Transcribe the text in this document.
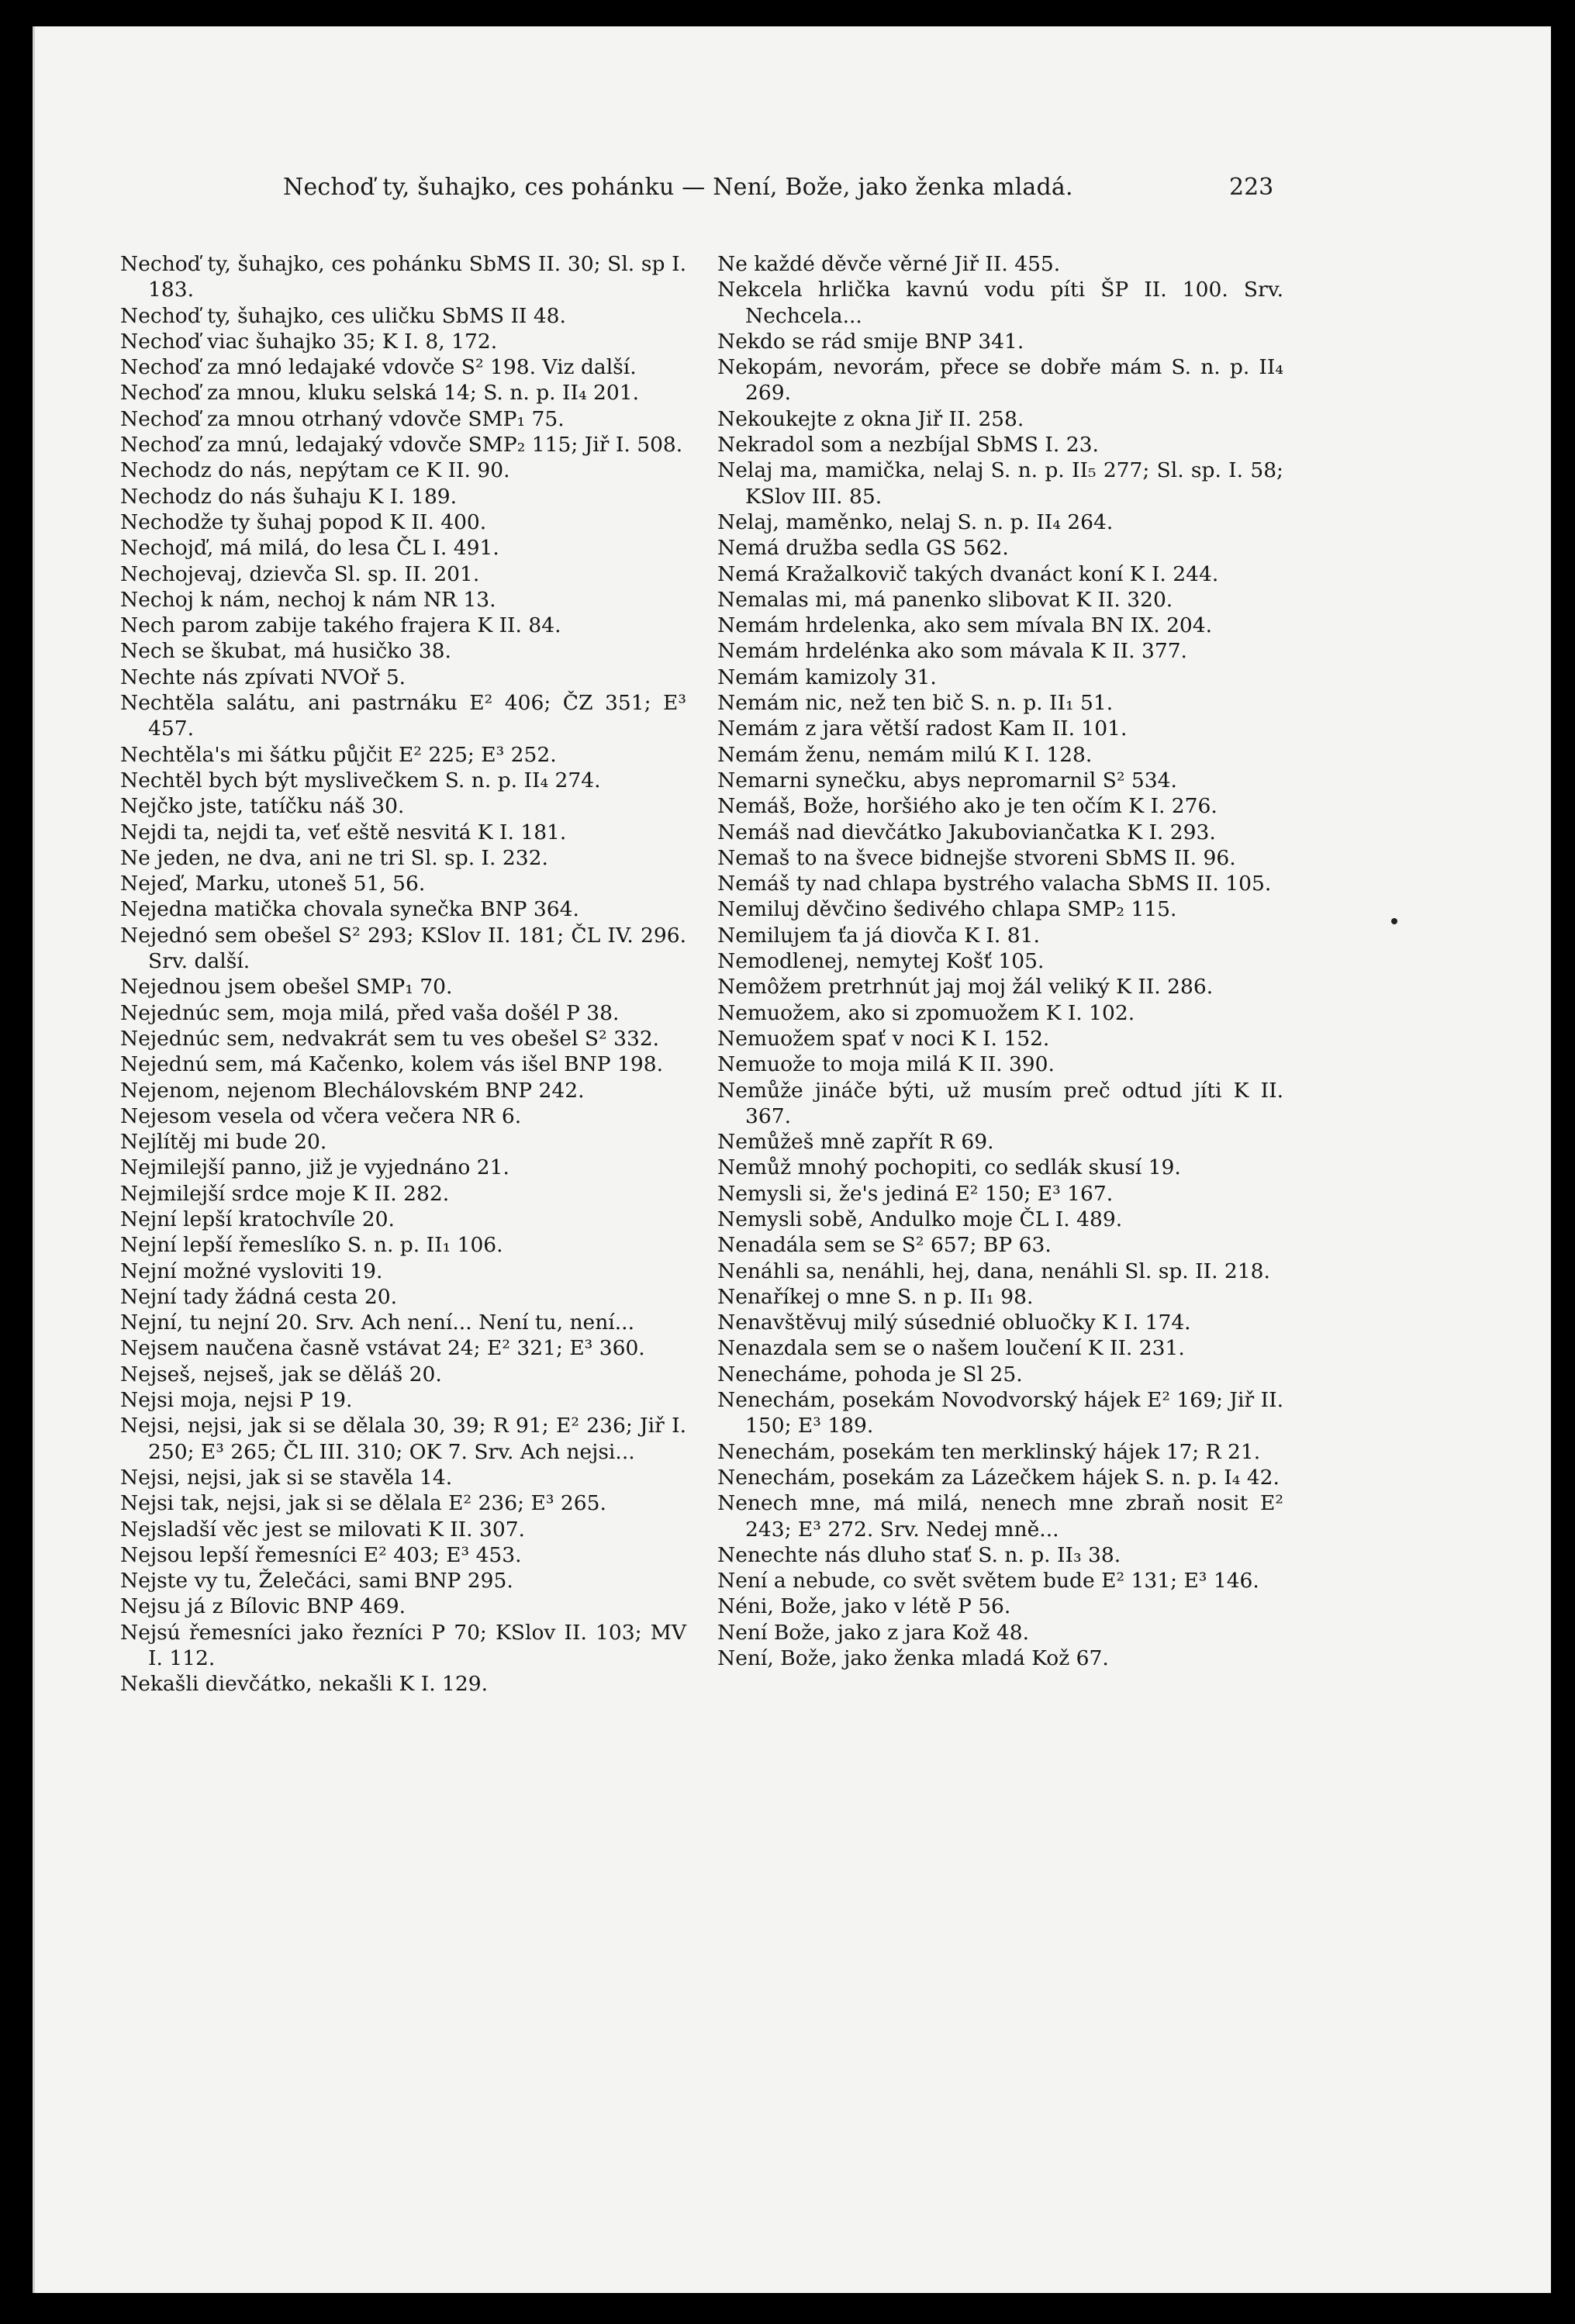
Nechoď ty, šuhajko, ces pohánku — Není, Bože, jako ženka mladá.	223

Nechoď ty, šuhajko, ces pohánku SbMS II. 30; Sl. sp I. 183.

Nechoď ty, šuhajko, ces uličku SbMS II 48.

Nechoď viac šuhajko 35; K I. 8, 172.

Nechoď za mnó ledajaké vdovče S² 198. Viz další.

Nechoď za mnou, kluku selská 14; S. n. p. II₄ 201.

Nechoď za mnou otrhaný vdovče SMP₁ 75.

Nechoď za mnú, ledajaký vdovče SMP₂ 115; Jiř I. 508.

Nechodz do nás, nepýtam ce K II. 90.

Nechodz do nás šuhaju K I. 189.

Nechodže ty šuhaj popod K II. 400.

Nechojď, má milá, do lesa ČL I. 491.

Nechojevaj, dzievča Sl. sp. II. 201.

Nechoj k nám, nechoj k nám NR 13.

Nech parom zabije takého frajera K II. 84.

Nech se škubat, má husičko 38.

Nechte nás zpívati NVOř 5.

Nechtěla salátu, ani pastrnáku E² 406; ČZ 351; E³ 457.

Nechtěla's mi šátku půjčit E² 225; E³ 252.

Nechtěl bych být myslivečkem S. n. p. II₄ 274.

Nejčko jste, tatíčku náš 30.

Nejdi ta, nejdi ta, veť eště nesvitá K I. 181.

Ne jeden, ne dva, ani ne tri Sl. sp. I. 232.

Nejeď, Marku, utoneš 51, 56.

Nejedna matička chovala synečka BNP 364.

Nejednó sem obešel S² 293; KSlov II. 181; ČL IV. 296. Srv. další.

Nejednou jsem obešel SMP₁ 70.

Nejednúc sem, moja milá, před vaša došél P 38.

Nejednúc sem, nedvakrát sem tu ves obešel S² 332.

Nejednú sem, má Kačenko, kolem vás išel BNP 198.

Nejenom, nejenom Blechálovském BNP 242.

Nejesom vesela od včera večera NR 6.

Nejlítěj mi bude 20.

Nejmilejší panno, již je vyjednáno 21.

Nejmilejší srdce moje K II. 282.

Nejní lepší kratochvíle 20.

Nejní lepší řemeslíko S. n. p. II₁ 106.

Nejní možné vysloviti 19.

Nejní tady žádná cesta 20.

Nejní, tu nejní 20. Srv. Ach není... Není tu, není...

Nejsem naučena časně vstávat 24; E² 321; E³ 360.

Nejseš, nejseš, jak se děláš 20.

Nejsi moja, nejsi P 19.

Nejsi, nejsi, jak si se dělala 30, 39; R 91; E² 236; Jiř I. 250; E³ 265; ČL III. 310; OK 7. Srv. Ach nejsi...

Nejsi, nejsi, jak si se stavěla 14.

Nejsi tak, nejsi, jak si se dělala E² 236; E³ 265.

Nejsladší věc jest se milovati K II. 307.

Nejsou lepší řemesníci E² 403; E³ 453.

Nejste vy tu, Želečáci, sami BNP 295.

Nejsu já z Bílovic BNP 469.

Nejsú řemesníci jako řezníci P 70; KSlov II. 103; MV I. 112.

Nekašli dievčátko, nekašli K I. 129.

Ne každé děvče věrné Jiř II. 455.

Nekcela hrlička kavnú vodu píti ŠP II. 100. Srv. Nechcela...

Nekdo se rád smije BNP 341.

Nekopám, nevorám, přece se dobře mám S. n. p. II₄ 269.

Nekoukejte z okna Jiř II. 258.

Nekradol som a nezbíjal SbMS I. 23.

Nelaj ma, mamička, nelaj S. n. p. II₅ 277; Sl. sp. I. 58; KSlov III. 85.

Nelaj, maměnko, nelaj S. n. p. II₄ 264.

Nemá družba sedla GS 562.

Nemá Kražalkovič takých dvanáct koní K I. 244.

Nemalas mi, má panenko slibovat K II. 320.

Nemám hrdelenka, ako sem mívala BN IX. 204.

Nemám hrdelénka ako som mávala K II. 377.

Nemám kamizoly 31.

Nemám nic, než ten bič S. n. p. II₁ 51.

Nemám z jara větší radost Kam II. 101.

Nemám ženu, nemám milú K I. 128.

Nemarni synečku, abys nepromarnil S² 534.

Nemáš, Bože, horšiého ako je ten očím K I. 276.

Nemáš nad dievčátko Jakuboviančatka K I. 293.

Nemaš to na švece bidnejše stvoreni SbMS II. 96.

Nemáš ty nad chlapa bystrého valacha SbMS II. 105.

Nemiluj děvčino šedivého chlapa SMP₂ 115.

Nemilujem ťa já diovča K I. 81.

Nemodlenej, nemytej Košť 105.

Nemôžem pretrhnút jaj moj žál veliký K II. 286.

Nemuožem, ako si zpomuožem K I. 102.

Nemuožem spať v noci K I. 152.

Nemuože to moja milá K II. 390.

Nemůže jináče býti, už musím preč odtud jíti K II. 367.

Nemůžeš mně zapřít R 69.

Nemůž mnohý pochopiti, co sedlák skusí 19.

Nemysli si, že's jediná E² 150; E³ 167.

Nemysli sobě, Andulko moje ČL I. 489.

Nenadála sem se S² 657; BP 63.

Nenáhli sa, nenáhli, hej, dana, nenáhli Sl. sp. II. 218.

Nenaříkej o mne S. n p. II₁ 98.

Nenavštěvuj milý súsednié obluočky K I. 174.

Nenazdala sem se o našem loučení K II. 231.

Nenecháme, pohoda je Sl 25.

Nenechám, posekám Novodvorský hájek E² 169; Jiř II. 150; E³ 189.

Nenechám, posekám ten merklinský hájek 17; R 21.

Nenechám, posekám za Lázečkem hájek S. n. p. I₄ 42.

Nenech mne, má milá, nenech mne zbraň nosit E² 243; E³ 272. Srv. Nedej mně...

Nenechte nás dluho stať S. n. p. II₃ 38.

Není a nebude, co svět světem bude E² 131; E³ 146.

Néni, Bože, jako v létě P 56.

Není Bože, jako z jara Kož 48.

Není, Bože, jako ženka mladá Kož 67.
